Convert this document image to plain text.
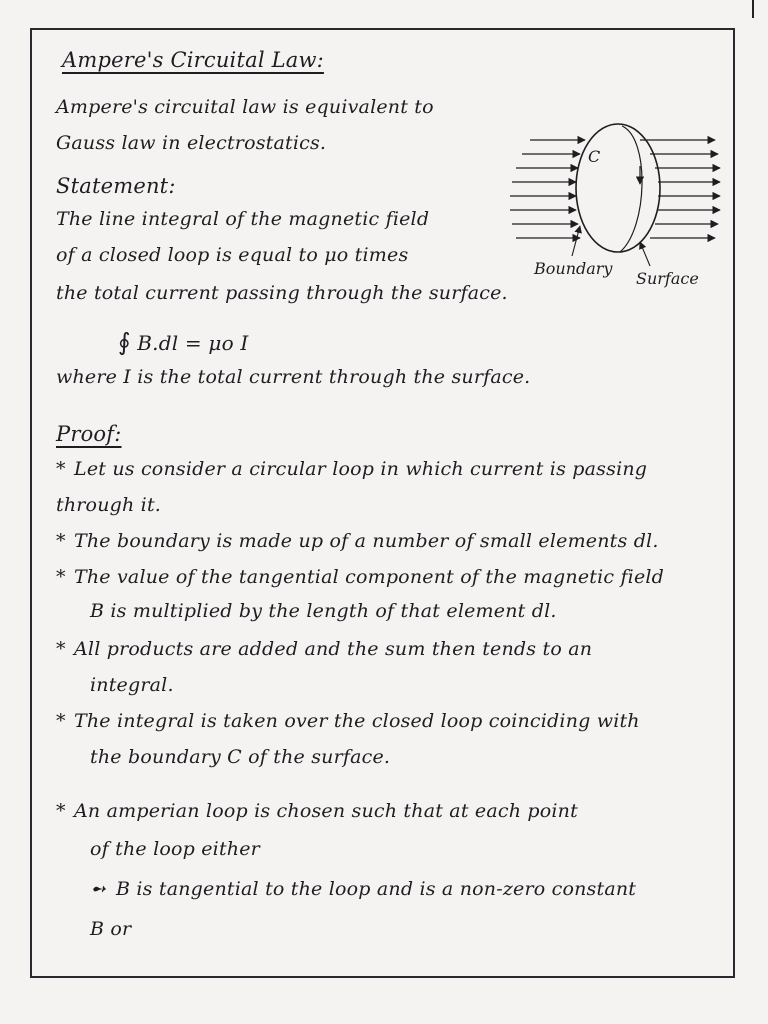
Ampere's Circuital Law:
Ampere's circuital law is equivalent to
Gauss law in electrostatics.
Statement:
The line integral of the magnetic field
of a closed loop is equal to μo times
the total current passing through the surface.
∮ B.dl = μo I
where I is the total current through the surface.
Proof:
* Let us consider a circular loop in which current is passing
through it.
* The boundary is made up of a number of small elements dl.
* The value of the tangential component of the magnetic field
B is multiplied by the length of that element dl.
* All products are added and the sum then tends to an
integral.
* The integral is taken over the closed loop coinciding with
the boundary C of the surface.
* An amperian loop is chosen such that at each point
of the loop either
➻ B is tangential to the loop and is a non-zero constant
B or
C
Boundary
Surface
